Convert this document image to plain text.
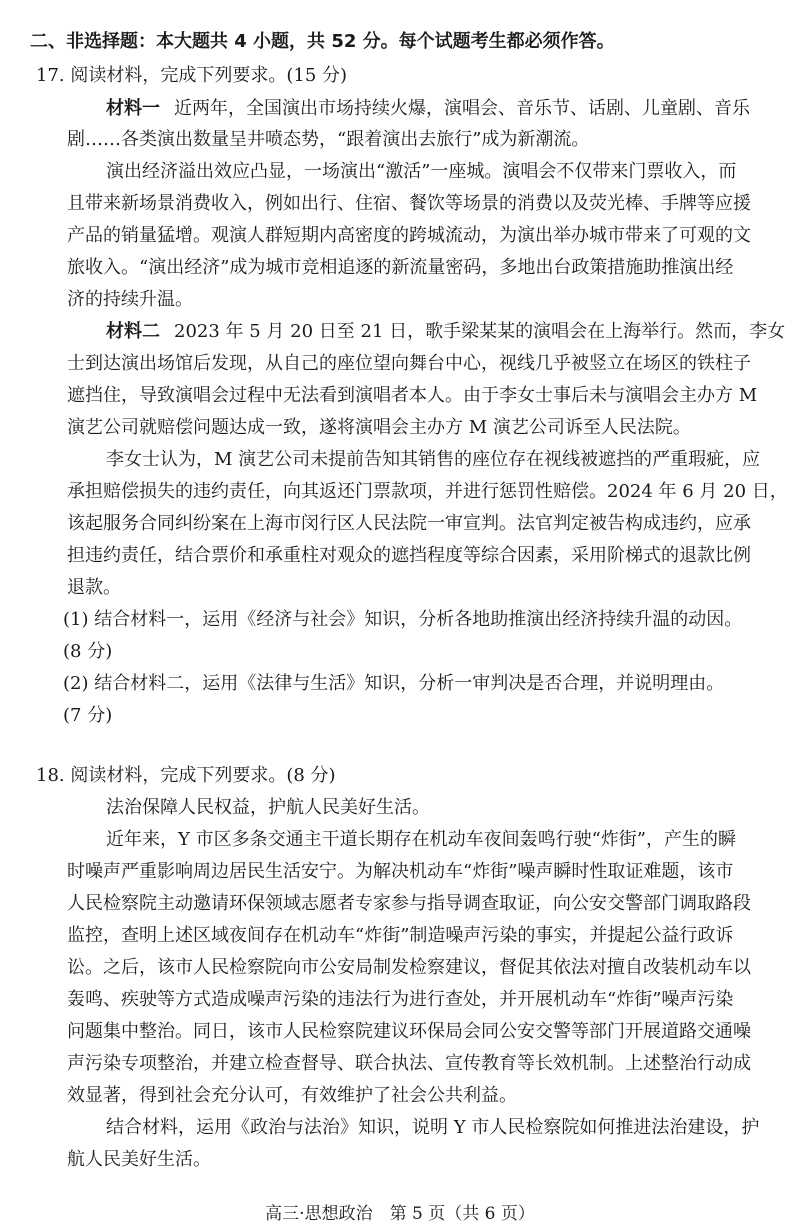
二、非选择题：本大题共 4 小题，共 52 分。每个试题考生都必须作答。
17. 阅读材料，完成下列要求。(15 分)
材料一 近两年，全国演出市场持续火爆，演唱会、音乐节、话剧、儿童剧、音乐
剧……各类演出数量呈井喷态势，“跟着演出去旅行”成为新潮流。
演出经济溢出效应凸显，一场演出“激活”一座城。演唱会不仅带来门票收入，而
且带来新场景消费收入，例如出行、住宿、餐饮等场景的消费以及荧光棒、手牌等应援
产品的销量猛增。观演人群短期内高密度的跨城流动，为演出举办城市带来了可观的文
旅收入。“演出经济”成为城市竞相追逐的新流量密码，多地出台政策措施助推演出经
济的持续升温。
材料二 2023 年 5 月 20 日至 21 日，歌手梁某某的演唱会在上海举行。然而，李女
士到达演出场馆后发现，从自己的座位望向舞台中心，视线几乎被竖立在场区的铁柱子
遮挡住，导致演唱会过程中无法看到演唱者本人。由于李女士事后未与演唱会主办方 M
演艺公司就赔偿问题达成一致，遂将演唱会主办方 M 演艺公司诉至人民法院。
李女士认为，M 演艺公司未提前告知其销售的座位存在视线被遮挡的严重瑕疵，应
承担赔偿损失的违约责任，向其返还门票款项，并进行惩罚性赔偿。2024 年 6 月 20 日，
该起服务合同纠纷案在上海市闵行区人民法院一审宣判。法官判定被告构成违约，应承
担违约责任，结合票价和承重柱对观众的遮挡程度等综合因素，采用阶梯式的退款比例
退款。
(1) 结合材料一，运用《经济与社会》知识，分析各地助推演出经济持续升温的动因。
(8 分)
(2) 结合材料二，运用《法律与生活》知识，分析一审判决是否合理，并说明理由。
(7 分)
18. 阅读材料，完成下列要求。(8 分)
法治保障人民权益，护航人民美好生活。
近年来，Y 市区多条交通主干道长期存在机动车夜间轰鸣行驶“炸街”，产生的瞬
时噪声严重影响周边居民生活安宁。为解决机动车“炸街”噪声瞬时性取证难题，该市
人民检察院主动邀请环保领域志愿者专家参与指导调查取证，向公安交警部门调取路段
监控，查明上述区域夜间存在机动车“炸街”制造噪声污染的事实，并提起公益行政诉
讼。之后，该市人民检察院向市公安局制发检察建议，督促其依法对擅自改装机动车以
轰鸣、疾驶等方式造成噪声污染的违法行为进行查处，并开展机动车“炸街”噪声污染
问题集中整治。同日，该市人民检察院建议环保局会同公安交警等部门开展道路交通噪
声污染专项整治，并建立检查督导、联合执法、宣传教育等长效机制。上述整治行动成
效显著，得到社会充分认可，有效维护了社会公共利益。
结合材料，运用《政治与法治》知识，说明 Y 市人民检察院如何推进法治建设，护
航人民美好生活。
高三·思想政治　第 5 页（共 6 页）
